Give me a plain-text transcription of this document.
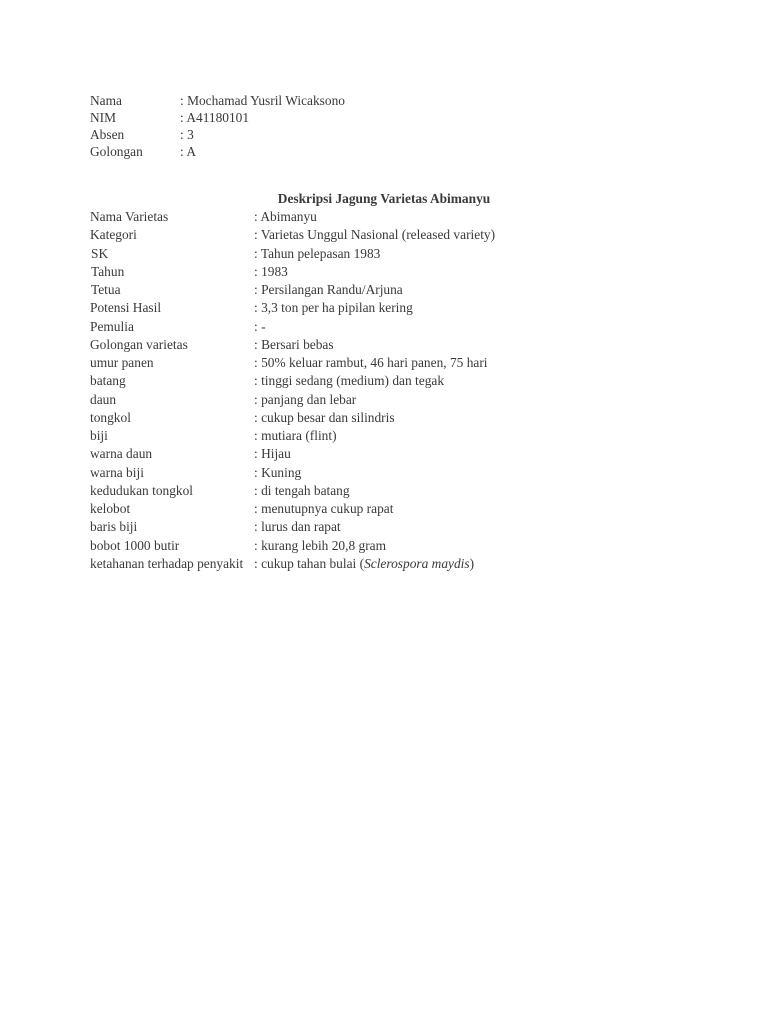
Nama	: Mochamad Yusril Wicaksono
NIM	: A41180101
Absen	: 3
Golongan	: A
Deskripsi Jagung Varietas Abimanyu
Nama Varietas	: Abimanyu
Kategori	: Varietas Unggul Nasional (released variety)
SK	: Tahun pelepasan 1983
Tahun	: 1983
Tetua	: Persilangan Randu/Arjuna
Potensi Hasil	: 3,3 ton per ha pipilan kering
Pemulia	: -
Golongan varietas	: Bersari bebas
umur panen	: 50% keluar rambut, 46 hari panen, 75 hari
batang	: tinggi sedang (medium) dan tegak
daun	: panjang dan lebar
tongkol	: cukup besar dan silindris
biji	: mutiara (flint)
warna daun	: Hijau
warna biji	: Kuning
kedudukan tongkol	: di tengah batang
kelobot	: menutupnya cukup rapat
baris biji	: lurus dan rapat
bobot 1000 butir	: kurang lebih 20,8 gram
ketahanan terhadap penyakit : cukup tahan bulai (Sclerospora maydis)
